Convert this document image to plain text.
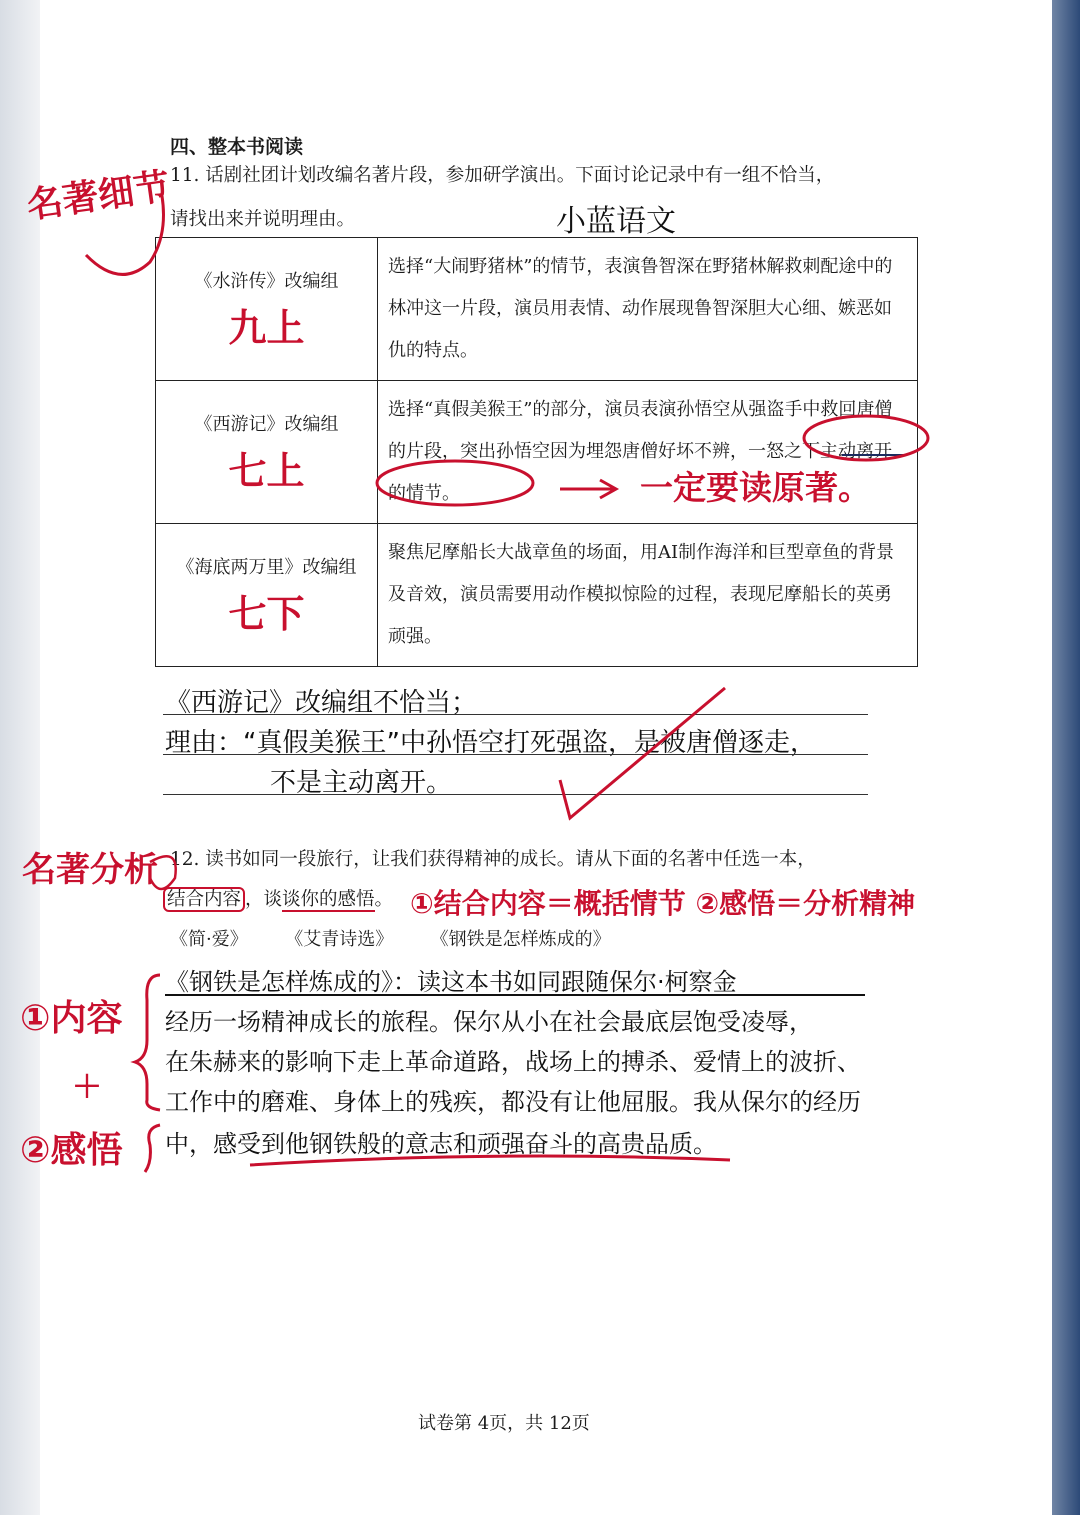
四、整本书阅读
11. 话剧社团计划改编名著片段，参加研学演出。下面讨论记录中有一组不恰当，
请找出来并说明理由。
《水浒传》改编组
九上	选择“大闹野猪林”的情节，表演鲁智深在野猪林解救刺配途中的林冲这一片段，演员用表情、动作展现鲁智深胆大心细、嫉恶如仇的特点。
《西游记》改编组
七上	选择“真假美猴王”的部分，演员表演孙悟空从强盗手中救回唐僧的片段，突出孙悟空因为埋怨唐僧好坏不辨，一怒之下主动离开的情节。
《海底两万里》改编组
七下	聚焦尼摩船长大战章鱼的场面，用AI制作海洋和巨型章鱼的背景及音效，演员需要用动作模拟惊险的过程，表现尼摩船长的英勇顽强。
名著细节	小蓝语文
一定要读原著。
《西游记》改编组不恰当；
理由：“真假美猴王”中孙悟空打死强盗，是被唐僧逐走，
不是主动离开。
名著分析 12. 读书如同一段旅行，让我们获得精神的成长。请从下面的名著中任选一本，
结合内容 ，谈谈你的感悟。 ①结合内容＝概括情节 ②感悟＝分析精神
《简·爱》 《艾青诗选》 《钢铁是怎样炼成的》
①内容
＋
②感悟
《钢铁是怎样炼成的》：读这本书如同跟随保尔·柯察金
经历一场精神成长的旅程。保尔从小在社会最底层饱受凌辱，
在朱赫来的影响下走上革命道路，战场上的搏杀、爱情上的波折、
工作中的磨难、身体上的残疾，都没有让他屈服。我从保尔的经历
中，感受到他钢铁般的意志和顽强奋斗的高贵品质。
试卷第 4页，共 12页
